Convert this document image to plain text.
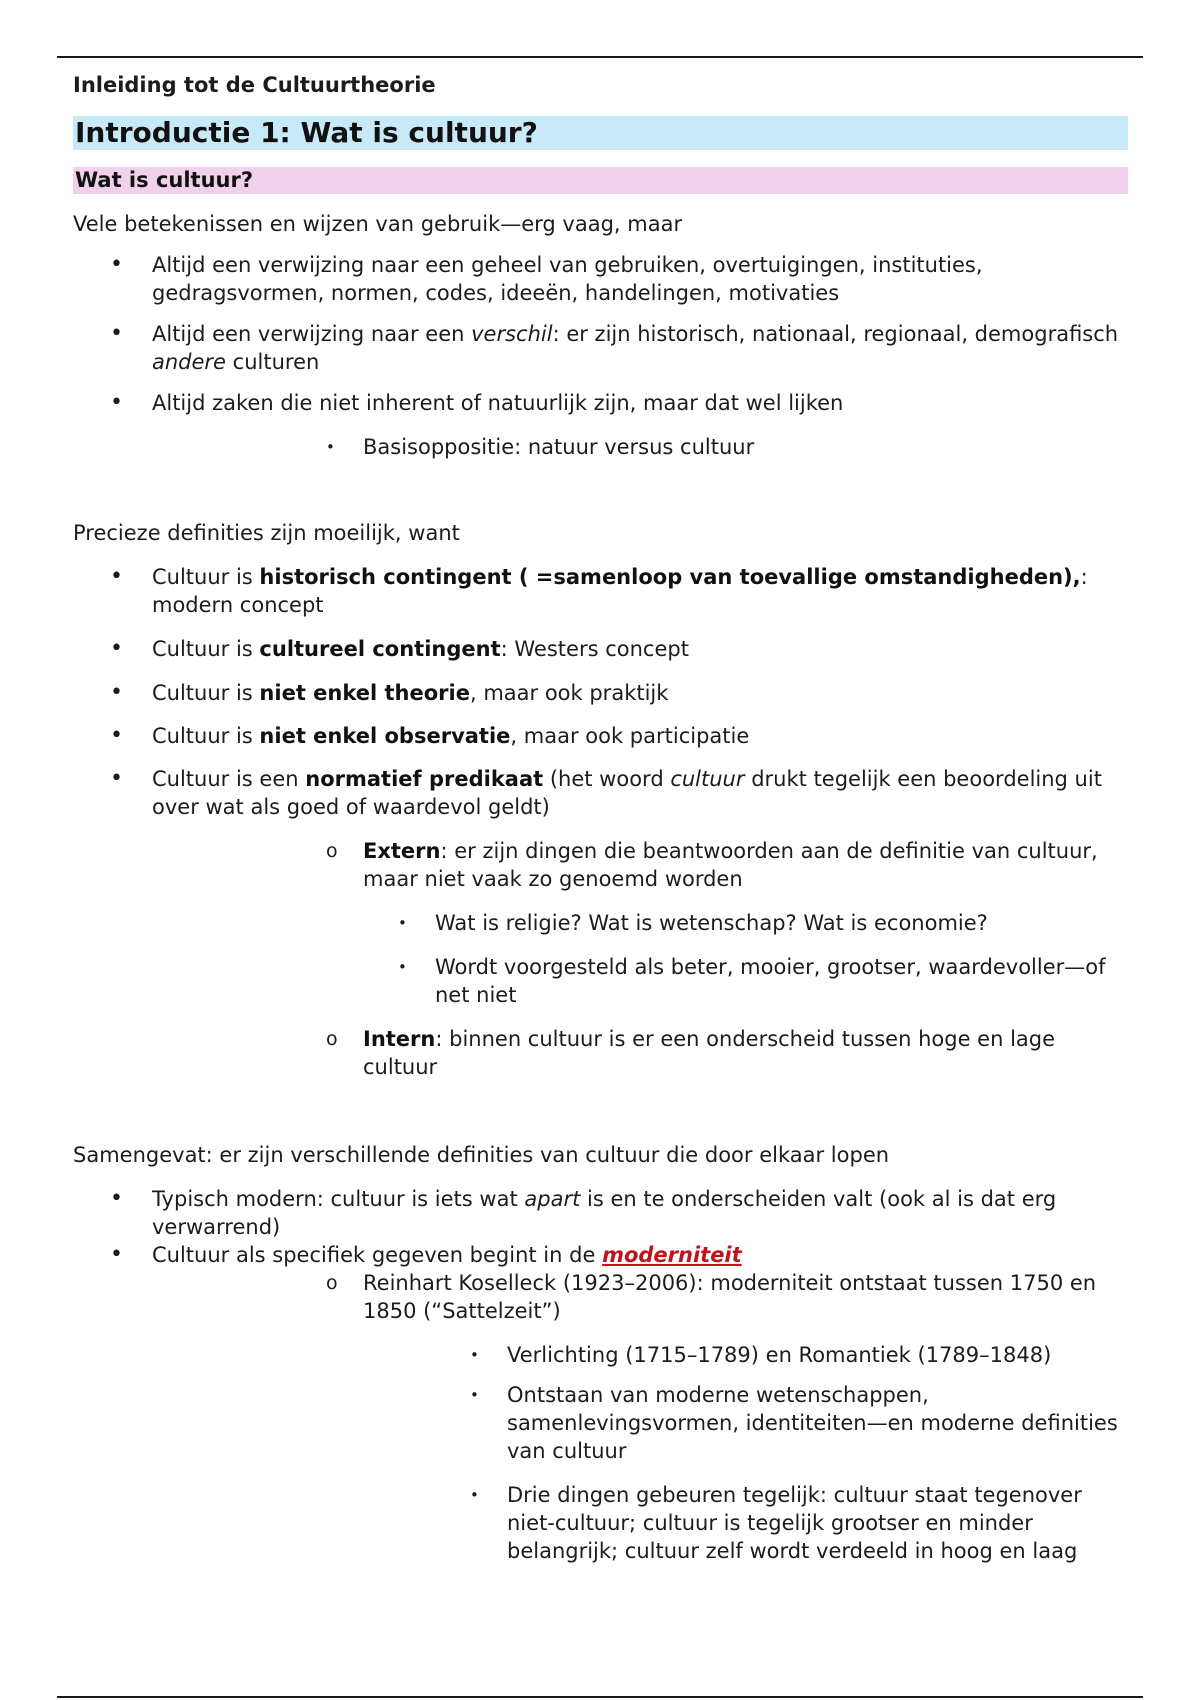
Inleiding tot de Cultuurtheorie

Introductie 1: Wat is cultuur?
Wat is cultuur?

Vele betekenissen en wijzen van gebruik—erg vaag, maar

•	Altijd een verwijzing naar een geheel van gebruiken, overtuigingen, instituties, gedragsvormen, normen, codes, ideeën, handelingen, motivaties
•	Altijd een verwijzing naar een verschil: er zijn historisch, nationaal, regionaal, demografisch andere culturen
•	Altijd zaken die niet inherent of natuurlijk zijn, maar dat wel lijken
•	Basisoppositie: natuur versus cultuur

Precieze definities zijn moeilijk, want

•	Cultuur is historisch contingent ( =samenloop van toevallige omstandigheden),: modern concept
•	Cultuur is cultureel contingent: Westers concept
•	Cultuur is niet enkel theorie, maar ook praktijk
•	Cultuur is niet enkel observatie, maar ook participatie
•	Cultuur is een normatief predikaat (het woord cultuur drukt tegelijk een beoordeling uit over wat als goed of waardevol geldt)
o	Extern: er zijn dingen die beantwoorden aan de definitie van cultuur, maar niet vaak zo genoemd worden
•	Wat is religie? Wat is wetenschap? Wat is economie?
•	Wordt voorgesteld als beter, mooier, grootser, waardevoller—of net niet
o	Intern: binnen cultuur is er een onderscheid tussen hoge en lage cultuur

Samengevat: er zijn verschillende definities van cultuur die door elkaar lopen

•	Typisch modern: cultuur is iets wat apart is en te onderscheiden valt (ook al is dat erg verwarrend)
•	Cultuur als specifiek gegeven begint in de moderniteit
o	Reinhart Koselleck (1923–2006): moderniteit ontstaat tussen 1750 en 1850 (“Sattelzeit”)
•	Verlichting (1715–1789) en Romantiek (1789–1848)
•	Ontstaan van moderne wetenschappen, samenlevingsvormen, identiteiten—en moderne definities van cultuur
•	Drie dingen gebeuren tegelijk: cultuur staat tegenover niet-cultuur; cultuur is tegelijk grootser en minder belangrijk; cultuur zelf wordt verdeeld in hoog en laag
